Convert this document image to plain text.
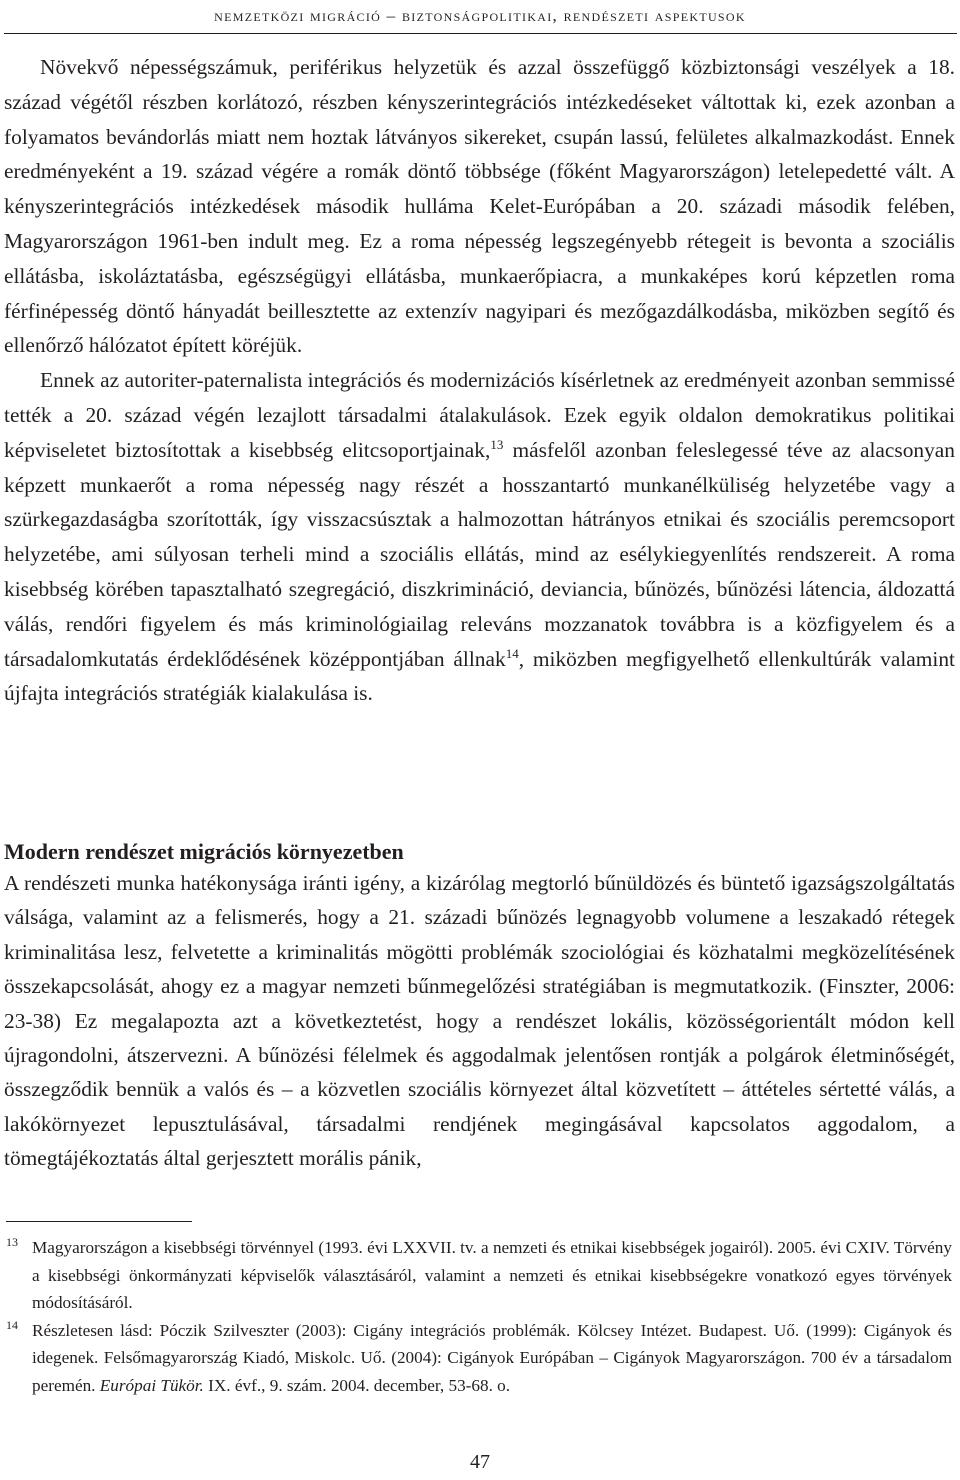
nemzetközi migráció – biztonságpolitikai, rendészeti aspektusok

Növekvő népességszámuk, periférikus helyzetük és azzal összefüggő közbiztonsági veszélyek a 18. század végétől részben korlátozó, részben kényszerintegrációs intézkedéseket váltottak ki, ezek azonban a folyamatos bevándorlás miatt nem hoztak látványos sikereket, csupán lassú, felületes alkalmazkodást. Ennek eredményeként a 19. század végére a romák döntő többsége (főként Magyarországon) letelepedetté vált. A kényszerintegrációs intézkedések második hulláma Kelet-Európában a 20. századi második felében, Magyarországon 1961-ben indult meg. Ez a roma népesség legszegényebb rétegeit is bevonta a szociális ellátásba, iskoláztatásba, egészségügyi ellátásba, munkaerőpiacra, a munkaképes korú képzetlen roma férfinépesség döntő hányadát beillesztette az extenzív nagyipari és mezőgazdálkodásba, miközben segítő és ellenőrző hálózatot épített köréjük.

Ennek az autoriter-paternalista integrációs és modernizációs kísérletnek az eredményeit azonban semmissé tették a 20. század végén lezajlott társadalmi átalakulások. Ezek egyik oldalon demokratikus politikai képviseletet biztosítottak a kisebbség elitcsoportjainak,$^{13}$ másfelől azonban feleslegessé téve az alacsonyan képzett munkaerőt a roma népesség nagy részét a hosszantartó munkanélküliség helyzetébe vagy a szürkegazdaságba szorították, így visszacsúsztak a halmozottan hátrányos etnikai és szociális peremcsoport helyzetébe, ami súlyosan terheli mind a szociális ellátás, mind az esélykiegyenlítés rendszereit. A roma kisebbség körében tapasztalható szegregáció, diszkrimináció, deviancia, bűnözés, bűnözési látencia, áldozattá válás, rendőri figyelem és más kriminológiailag releváns mozzanatok továbbra is a közfigyelem és a társadalomkutatás érdeklődésének középpontjában állnak$^{14}$, miközben megfigyelhető ellenkultúrák valamint újfajta integrációs stratégiák kialakulása is.

Modern rendészet migrációs környezetben

A rendészeti munka hatékonysága iránti igény, a kizárólag megtorló bűnüldözés és büntető igazságszolgáltatás válsága, valamint az a felismerés, hogy a 21. századi bűnözés legnagyobb volumene a leszakadó rétegek kriminalitása lesz, felvetette a kriminalitás mögötti problémák szociológiai és közhatalmi megközelítésének összekapcsolását, ahogy ez a magyar nemzeti bűnmegelőzési stratégiában is megmutatkozik. (Finszter, 2006: 23-38) Ez megalapozta azt a következtetést, hogy a rendészet lokális, közösségorientált módon kell újragondolni, átszervezni. A bűnözési félelmek és aggodalmak jelentősen rontják a polgárok életminőségét, összegződik bennük a valós és – a közvetlen szociális környezet által közvetített – áttételes sértetté válás, a lakókörnyezet lepusztulásával, társadalmi rendjének megingásával kapcsolatos aggodalom, a tömegtájékoztatás által gerjesztett morális pánik,

13 Magyarországon a kisebbségi törvénnyel (1993. évi LXXVII. tv. a nemzeti és etnikai kisebbségek jogairól). 2005. évi CXIV. Törvény a kisebbségi önkormányzati képviselők választásáról, valamint a nemzeti és etnikai kisebbségekre vonatkozó egyes törvények módosításáról.

14 Részletesen lásd: Póczik Szilveszter (2003): Cigány integrációs problémák. Kölcsey Intézet. Budapest. Uő. (1999): Cigányok és idegenek. Felsőmagyarország Kiadó, Miskolc. Uő. (2004): Cigányok Európában – Cigányok Magyarországon. 700 év a társadalom peremén. Európai Tükör. IX. évf., 9. szám. 2004. december, 53-68. o.

47
